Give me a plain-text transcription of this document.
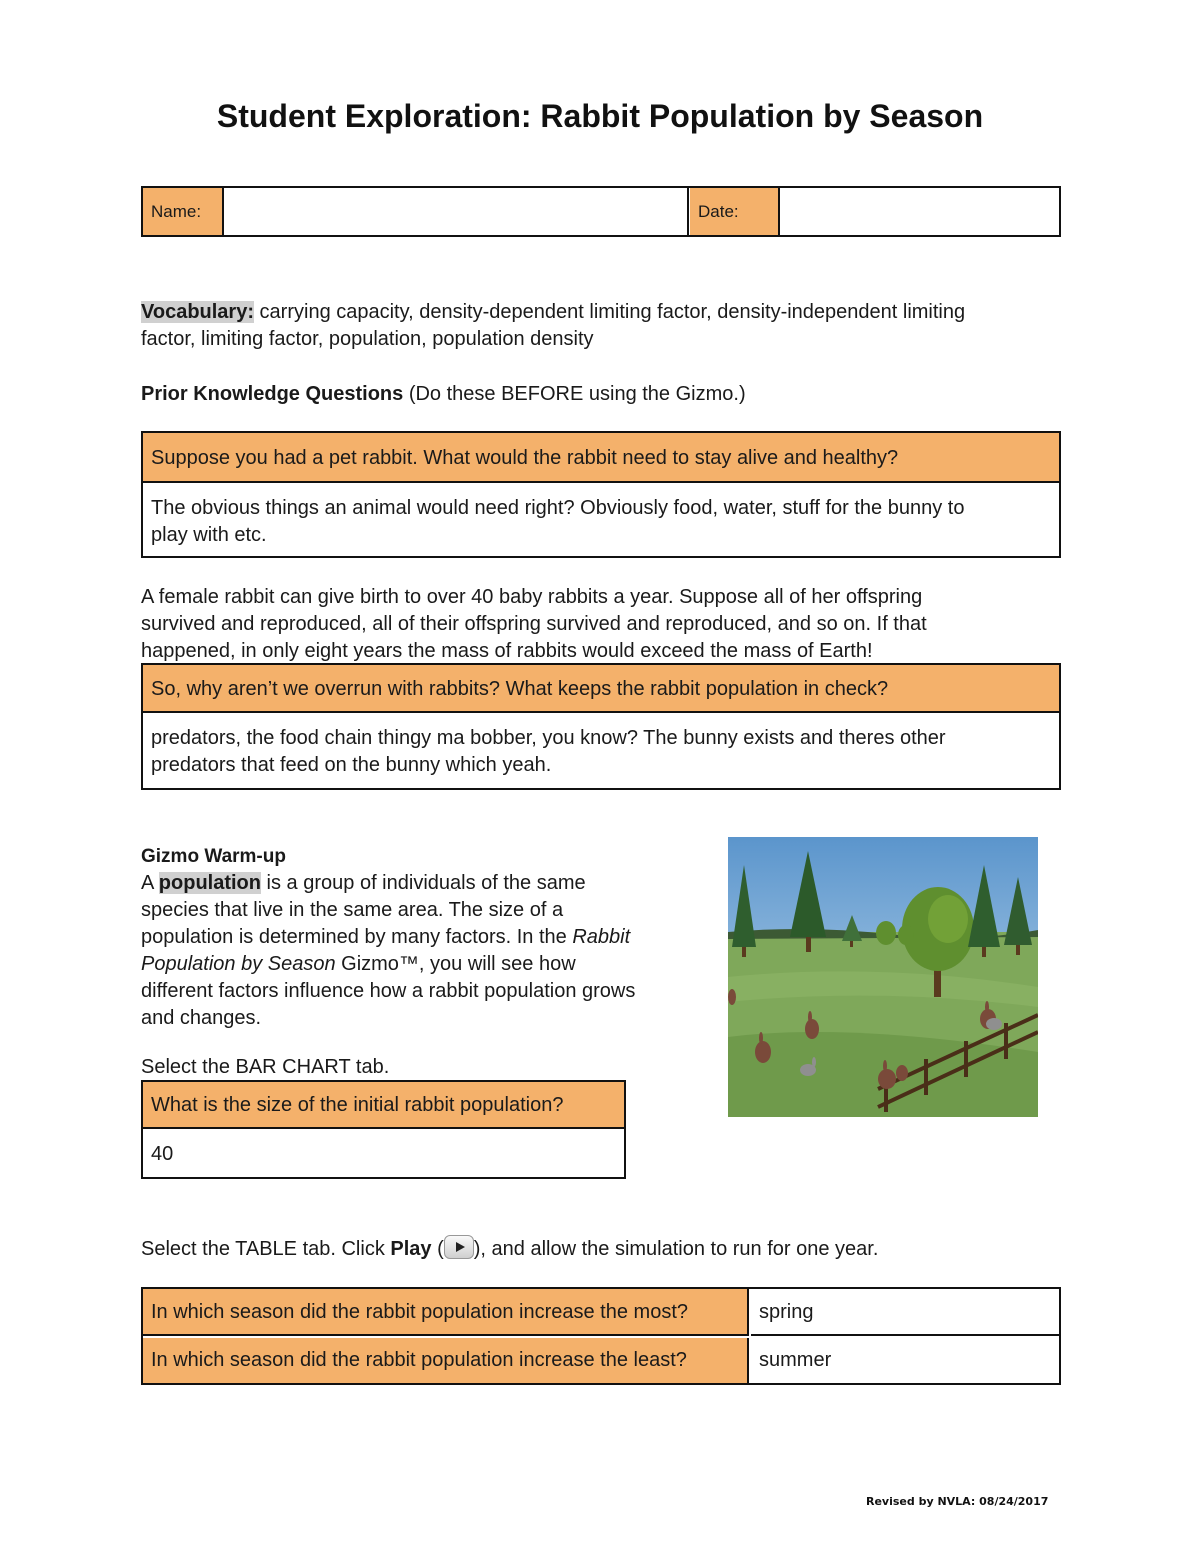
Student Exploration: Rabbit Population by Season
Name:	Date:
Vocabulary: carrying capacity, density-dependent limiting factor, density-independent limiting
factor, limiting factor, population, population density
Prior Knowledge Questions (Do these BEFORE using the Gizmo.)
Suppose you had a pet rabbit. What would the rabbit need to stay alive and healthy?
The obvious things an animal would need right? Obviously food, water, stuff for the bunny to
play with etc.
A female rabbit can give birth to over 40 baby rabbits a year. Suppose all of her offspring
survived and reproduced, all of their offspring survived and reproduced, and so on. If that
happened, in only eight years the mass of rabbits would exceed the mass of Earth!
So, why aren’t we overrun with rabbits? What keeps the rabbit population in check?
predators, the food chain thingy ma bobber, you know? The bunny exists and theres other
predators that feed on the bunny which yeah.
Gizmo Warm-up
A population is a group of individuals of the same
species that live in the same area. The size of a
population is determined by many factors. In the Rabbit
Population by Season Gizmo™, you will see how
different factors influence how a rabbit population grows
and changes.
Select the BAR CHART tab.
What is the size of the initial rabbit population?
40
Select the TABLE tab. Click Play ( ), and allow the simulation to run for one year.
In which season did the rabbit population increase the most?	spring
In which season did the rabbit population increase the least?	summer
Revised by NVLA: 08/24/2017
